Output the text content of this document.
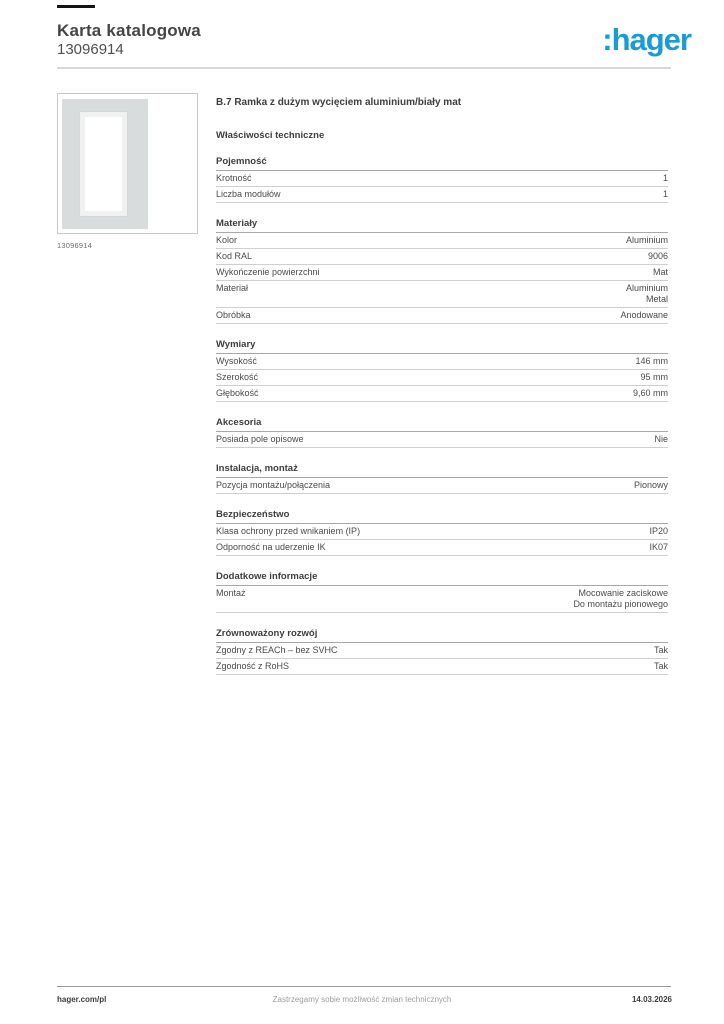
Karta katalogowa
13096914	:hager
13096914
B.7 Ramka z dużym wycięciem aluminium/biały mat
Właściwości techniczne
Pojemność
Krotność	1
Liczba modułów	1
Materiały
Kolor	Aluminium
Kod RAL	9006
Wykończenie powierzchni	Mat
Materiał	Aluminium
Metal
Obróbka	Anodowane
Wymiary
Wysokość	146 mm
Szerokość	95 mm
Głębokość	9,60 mm
Akcesoria
Posiada pole opisowe	Nie
Instalacja, montaż
Pozycja montażu/połączenia	Pionowy
Bezpieczeństwo
Klasa ochrony przed wnikaniem (IP)	IP20
Odporność na uderzenie IK	IK07
Dodatkowe informacje
Montaż	Mocowanie zaciskowe
Do montażu pionowego
Zrównoważony rozwój
Zgodny z REACh – bez SVHC	Tak
Zgodność z RoHS	Tak
hager.com/pl	Zastrzegamy sobie możliwość zmian technicznych	14.03.2026
